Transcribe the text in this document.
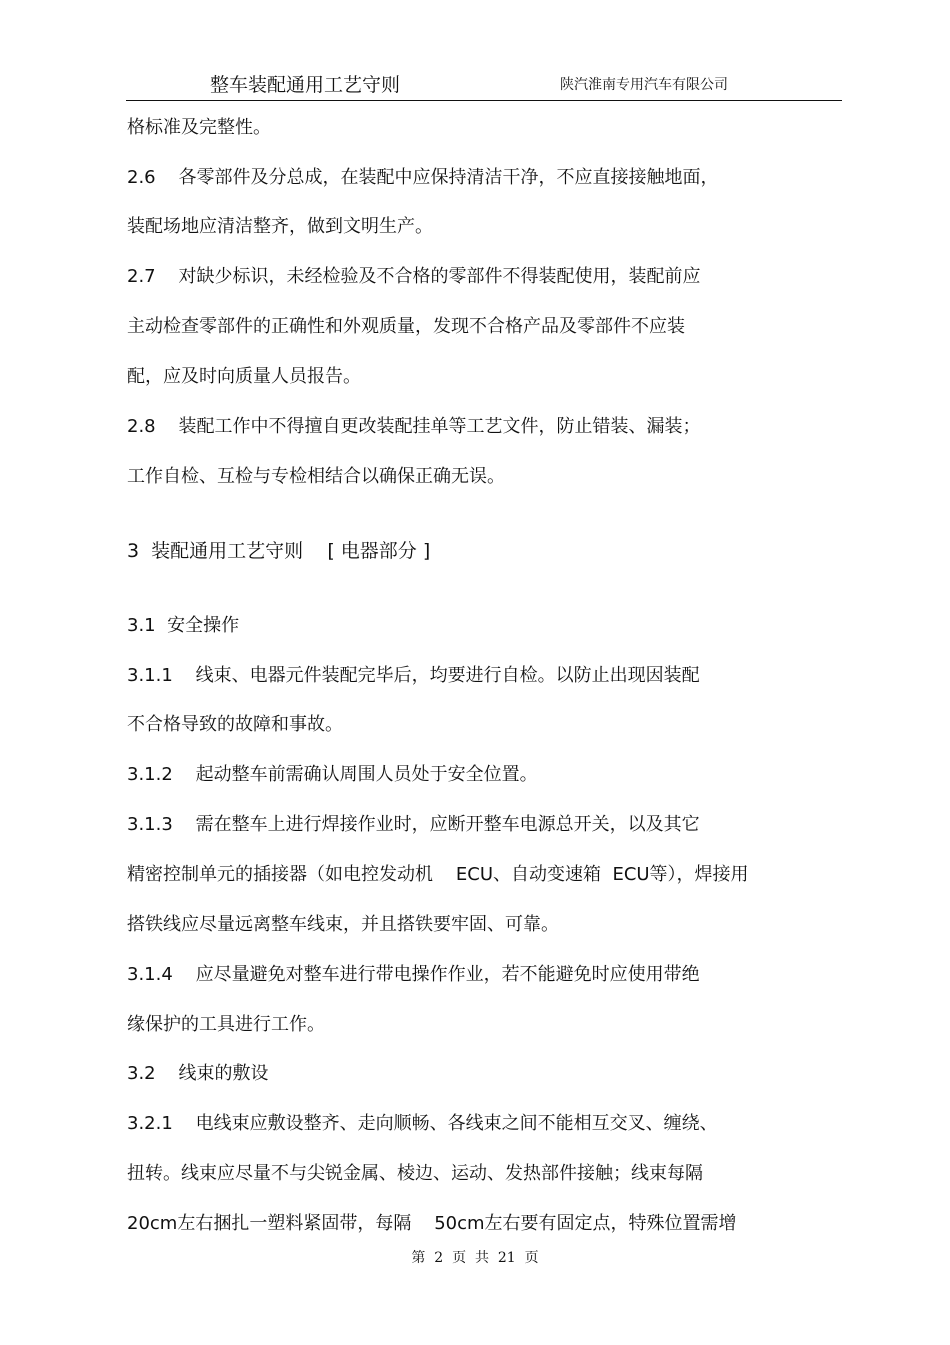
整车装配通用工艺守则	陕汽淮南专用汽车有限公司
格标准及完整性。
2.6    各零部件及分总成，在装配中应保持清洁干净，不应直接接触地面，
装配场地应清洁整齐，做到文明生产。
2.7    对缺少标识，未经检验及不合格的零部件不得装配使用，装配前应
主动检查零部件的正确性和外观质量，发现不合格产品及零部件不应装
配，应及时向质量人员报告。
2.8    装配工作中不得擅自更改装配挂单等工艺文件，防止错装、漏装；
工作自检、互检与专检相结合以确保正确无误。
3  装配通用工艺守则    [ 电器部分 ]
3.1  安全操作
3.1.1    线束、电器元件装配完毕后，均要进行自检。以防止出现因装配
不合格导致的故障和事故。
3.1.2    起动整车前需确认周围人员处于安全位置。
3.1.3    需在整车上进行焊接作业时，应断开整车电源总开关，以及其它
精密控制单元的插接器（如电控发动机    ECU、自动变速箱  ECU等），焊接用
搭铁线应尽量远离整车线束，并且搭铁要牢固、可靠。
3.1.4    应尽量避免对整车进行带电操作作业，若不能避免时应使用带绝
缘保护的工具进行工作。
3.2    线束的敷设
3.2.1    电线束应敷设整齐、走向顺畅、各线束之间不能相互交叉、缠绕、
扭转。线束应尽量不与尖锐金属、棱边、运动、发热部件接触；线束每隔
20cm左右捆扎一塑料紧固带，每隔    50cm左右要有固定点，特殊位置需增
第  2  页  共  21  页
